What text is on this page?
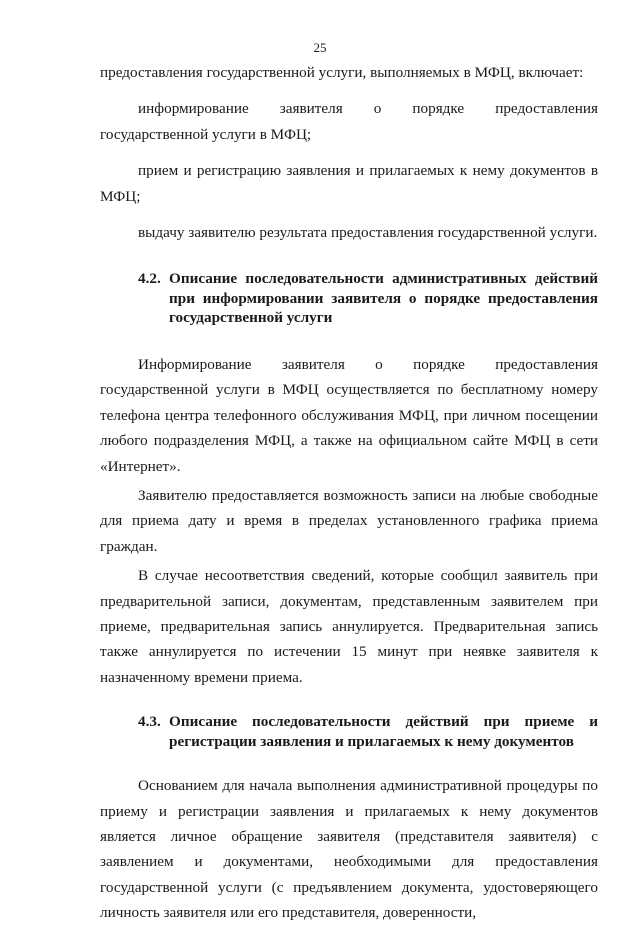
25

предоставления государственной услуги, выполняемых в МФЦ, включает:

информирование заявителя о порядке предоставления государственной услуги в МФЦ;

прием и регистрацию заявления и прилагаемых к нему документов в МФЦ;

выдачу заявителю результата предоставления государственной услуги.

4.2. Описание последовательности административных действий при информировании заявителя о порядке предоставления государственной услуги

Информирование заявителя о порядке предоставления государственной услуги в МФЦ осуществляется по бесплатному номеру телефона центра телефонного обслуживания МФЦ, при личном посещении любого подразделения МФЦ, а также на официальном сайте МФЦ в сети «Интернет».

Заявителю предоставляется возможность записи на любые свободные для приема дату и время в пределах установленного графика приема граждан.

В случае несоответствия сведений, которые сообщил заявитель при предварительной записи, документам, представленным заявителем при приеме, предварительная запись аннулируется. Предварительная запись также аннулируется по истечении 15 минут при неявке заявителя к назначенному времени приема.

4.3. Описание последовательности действий при приеме и регистрации заявления и прилагаемых к нему документов

Основанием для начала выполнения административной процедуры по приему и регистрации заявления и прилагаемых к нему документов является личное обращение заявителя (представителя заявителя) с заявлением и документами, необходимыми для предоставления государственной услуги (с предъявлением документа, удостоверяющего личность заявителя или его представителя, доверенности,
